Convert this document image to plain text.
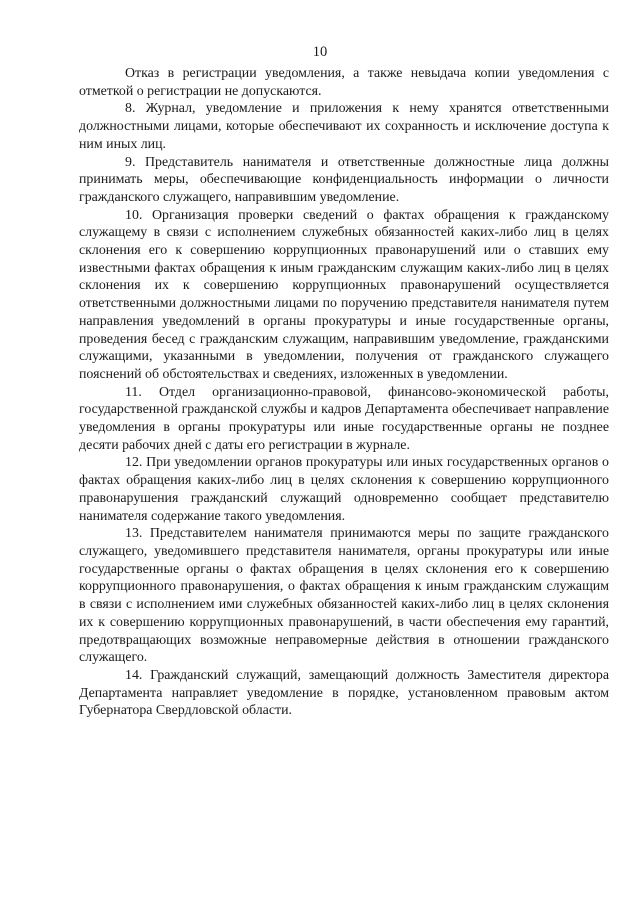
10

Отказ в регистрации уведомления, а также невыдача копии уведомления с отметкой о регистрации не допускаются.

8. Журнал, уведомление и приложения к нему хранятся ответственными должностными лицами, которые обеспечивают их сохранность и исключение доступа к ним иных лиц.

9. Представитель нанимателя и ответственные должностные лица должны принимать меры, обеспечивающие конфиденциальность информации о личности гражданского служащего, направившим уведомление.

10. Организация проверки сведений о фактах обращения к гражданскому служащему в связи с исполнением служебных обязанностей каких-либо лиц в целях склонения его к совершению коррупционных правонарушений или о ставших ему известными фактах обращения к иным гражданским служащим каких-либо лиц в целях склонения их к совершению коррупционных правонарушений осуществляется ответственными должностными лицами по поручению представителя нанимателя путем направления уведомлений в органы прокуратуры и иные государственные органы, проведения бесед с гражданским служащим, направившим уведомление, гражданскими служащими, указанными в уведомлении, получения от гражданского служащего пояснений об обстоятельствах и сведениях, изложенных в уведомлении.

11. Отдел организационно-правовой, финансово-экономической работы, государственной гражданской службы и кадров Департамента обеспечивает направление уведомления в органы прокуратуры или иные государственные органы не позднее десяти рабочих дней с даты его регистрации в журнале.

12. При уведомлении органов прокуратуры или иных государственных органов о фактах обращения каких-либо лиц в целях склонения к совершению коррупционного правонарушения гражданский служащий одновременно сообщает представителю нанимателя содержание такого уведомления.

13. Представителем нанимателя принимаются меры по защите гражданского служащего, уведомившего представителя нанимателя, органы прокуратуры или иные государственные органы о фактах обращения в целях склонения его к совершению коррупционного правонарушения, о фактах обращения к иным гражданским служащим в связи с исполнением ими служебных обязанностей каких-либо лиц в целях склонения их к совершению коррупционных правонарушений, в части обеспечения ему гарантий, предотвращающих возможные неправомерные действия в отношении гражданского служащего.

14. Гражданский служащий, замещающий должность Заместителя директора Департамента направляет уведомление в порядке, установленном правовым актом Губернатора Свердловской области.
